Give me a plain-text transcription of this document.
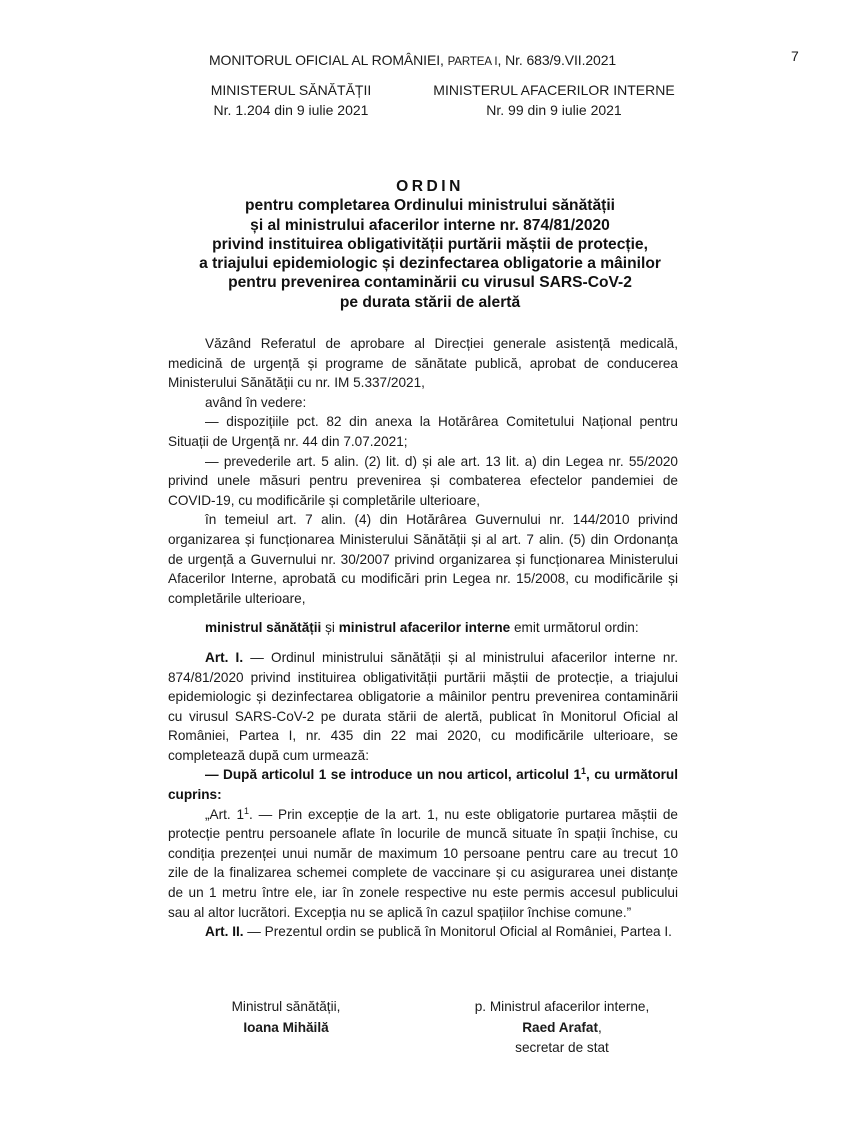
MONITORUL OFICIAL AL ROMÂNIEI, PARTEA I, Nr. 683/9.VII.2021	7
MINISTERUL SĂNĂTĂȚII
Nr. 1.204 din 9 iulie 2021
MINISTERUL AFACERILOR INTERNE
Nr. 99 din 9 iulie 2021
ORDIN
pentru completarea Ordinului ministrului sănătății
și al ministrului afacerilor interne nr. 874/81/2020
privind instituirea obligativității purtării măștii de protecție,
a triajului epidemiologic și dezinfectarea obligatorie a mâinilor
pentru prevenirea contaminării cu virusul SARS-CoV-2
pe durata stării de alertă

Văzând Referatul de aprobare al Direcției generale asistență medicală, medicină de urgență și programe de sănătate publică, aprobat de conducerea Ministerului Sănătății cu nr. IM 5.337/2021,

având în vedere:

— dispozițiile pct. 82 din anexa la Hotărârea Comitetului Național pentru Situații de Urgență nr. 44 din 7.07.2021;

— prevederile art. 5 alin. (2) lit. d) și ale art. 13 lit. a) din Legea nr. 55/2020 privind unele măsuri pentru prevenirea și combaterea efectelor pandemiei de COVID-19, cu modificările și completările ulterioare,

în temeiul art. 7 alin. (4) din Hotărârea Guvernului nr. 144/2010 privind organizarea și funcționarea Ministerului Sănătății și al art. 7 alin. (5) din Ordonanța de urgență a Guvernului nr. 30/2007 privind organizarea și funcționarea Ministerului Afacerilor Interne, aprobată cu modificări prin Legea nr. 15/2008, cu modificările și completările ulterioare,

ministrul sănătății și ministrul afacerilor interne emit următorul ordin:

Art. I. — Ordinul ministrului sănătății și al ministrului afacerilor interne nr. 874/81/2020 privind instituirea obligativității purtării măștii de protecție, a triajului epidemiologic și dezinfectarea obligatorie a mâinilor pentru prevenirea contaminării cu virusul SARS-CoV-2 pe durata stării de alertă, publicat în Monitorul Oficial al României, Partea I, nr. 435 din 22 mai 2020, cu modificările ulterioare, se completează după cum urmează:

— După articolul 1 se introduce un nou articol, articolul $1^1$, cu următorul cuprins:

„Art. $1^1$. — Prin excepție de la art. 1, nu este obligatorie purtarea măștii de protecție pentru persoanele aflate în locurile de muncă situate în spații închise, cu condiția prezenței unui număr de maximum 10 persoane pentru care au trecut 10 zile de la finalizarea schemei complete de vaccinare și cu asigurarea unei distanțe de un 1 metru între ele, iar în zonele respective nu este permis accesul publicului sau al altor lucrători. Excepția nu se aplică în cazul spațiilor închise comune.”

Art. II. — Prezentul ordin se publică în Monitorul Oficial al României, Partea I.

Ministrul sănătății,
Ioana Mihăilă
p. Ministrul afacerilor interne,
Raed Arafat,
secretar de stat
